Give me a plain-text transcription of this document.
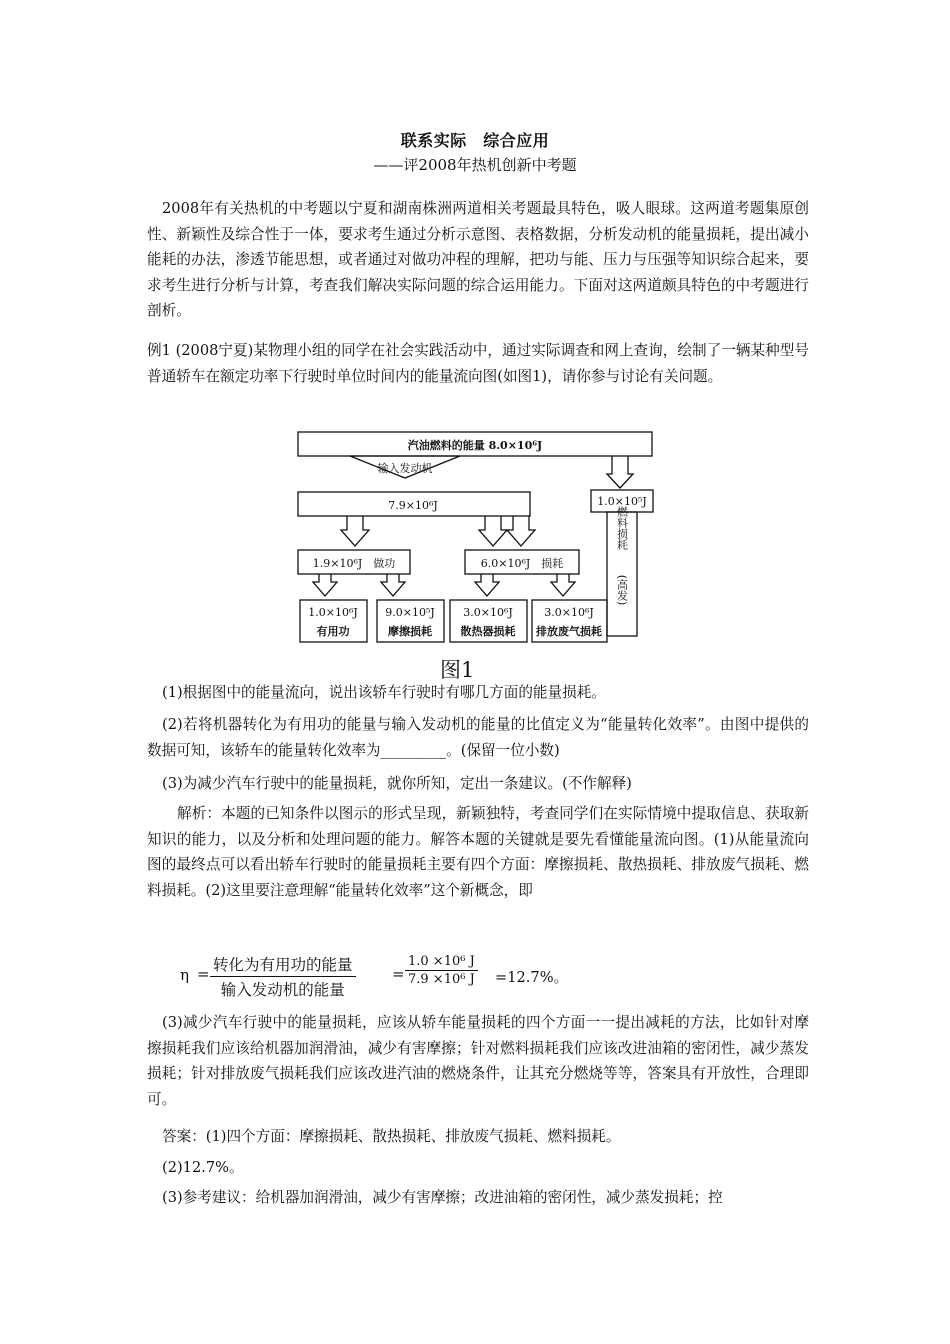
联系实际　综合应用
——评2008年热机创新中考题

2008年有关热机的中考题以宁夏和湖南株洲两道相关考题最具特色，吸人眼球。这两道考题集原创性、新颖性及综合性于一体，要求考生通过分析示意图、表格数据，分析发动机的能量损耗，提出减小能耗的办法，渗透节能思想，或者通过对做功冲程的理解，把功与能、压力与压强等知识综合起来，要求考生进行分析与计算，考查我们解决实际问题的综合运用能力。下面对这两道颇具特色的中考题进行剖析。

例1 (2008宁夏)某物理小组的同学在社会实践活动中，通过实际调查和网上查询，绘制了一辆某种型号普通轿车在额定功率下行驶时单位时间内的能量流向图(如图1)，请你参与讨论有关问题。

汽油燃料的能量 8.0×10⁶J
输入发动机
7.9×10⁶J	1.0×10⁵J
燃料损耗
(高发)
1.9×10⁶J　做功	6.0×10⁶J　损耗
1.0×10⁶J
有用功
9.0×10⁵J
摩擦损耗
3.0×10⁶J
散热器损耗
3.0×10⁶J
排放废气损耗
图1

(1)根据图中的能量流向，说出该轿车行驶时有哪几方面的能量损耗。

(2)若将机器转化为有用功的能量与输入发动机的能量的比值定义为“能量转化效率”。由图中提供的数据可知，该轿车的能量转化效率为_________。(保留一位小数)

(3)为减少汽车行驶中的能量损耗，就你所知，定出一条建议。(不作解释)

解析：本题的已知条件以图示的形式呈现，新颖独特，考查同学们在实际情境中提取信息、获取新知识的能力，以及分析和处理问题的能力。解答本题的关键就是要先看懂能量流向图。(1)从能量流向图的最终点可以看出轿车行驶时的能量损耗主要有四个方面：摩擦损耗、散热损耗、排放废气损耗、燃料损耗。(2)这里要注意理解“能量转化效率”这个新概念，即

η = 转化为有用功的能量
输入发动机的能量
= $\frac{\text{1.0 ×10⁶ J}}{\text{7.9 ×10⁶ J}} =12.7\%$。

(3)减少汽车行驶中的能量损耗，应该从轿车能量损耗的四个方面一一提出减耗的方法，比如针对摩擦损耗我们应该给机器加润滑油，减少有害摩擦；针对燃料损耗我们应该改进油箱的密闭性，减少蒸发损耗；针对排放废气损耗我们应该改进汽油的燃烧条件，让其充分燃烧等等，答案具有开放性，合理即可。

答案：(1)四个方面：摩擦损耗、散热损耗、排放废气损耗、燃料损耗。

(2)12.7%。

(3)参考建议：给机器加润滑油，减少有害摩擦；改进油箱的密闭性，减少蒸发损耗；控
